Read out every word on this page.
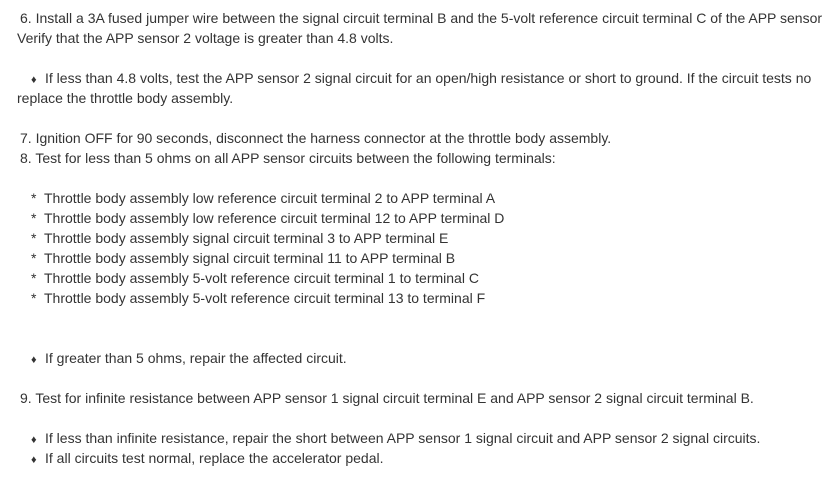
6. Install a 3A fused jumper wire between the signal circuit terminal B and the 5-volt reference circuit terminal C of the APP sensor
Verify that the APP sensor 2 voltage is greater than 4.8 volts.
♦ If less than 4.8 volts, test the APP sensor 2 signal circuit for an open/high resistance or short to ground. If the circuit tests no
replace the throttle body assembly.
7. Ignition OFF for 90 seconds, disconnect the harness connector at the throttle body assembly.
8. Test for less than 5 ohms on all APP sensor circuits between the following terminals:
* Throttle body assembly low reference circuit terminal 2 to APP terminal A
* Throttle body assembly low reference circuit terminal 12 to APP terminal D
* Throttle body assembly signal circuit terminal 3 to APP terminal E
* Throttle body assembly signal circuit terminal 11 to APP terminal B
* Throttle body assembly 5-volt reference circuit terminal 1 to terminal C
* Throttle body assembly 5-volt reference circuit terminal 13 to terminal F
♦ If greater than 5 ohms, repair the affected circuit.
9. Test for infinite resistance between APP sensor 1 signal circuit terminal E and APP sensor 2 signal circuit terminal B.
♦ If less than infinite resistance, repair the short between APP sensor 1 signal circuit and APP sensor 2 signal circuits.
♦ If all circuits test normal, replace the accelerator pedal.
